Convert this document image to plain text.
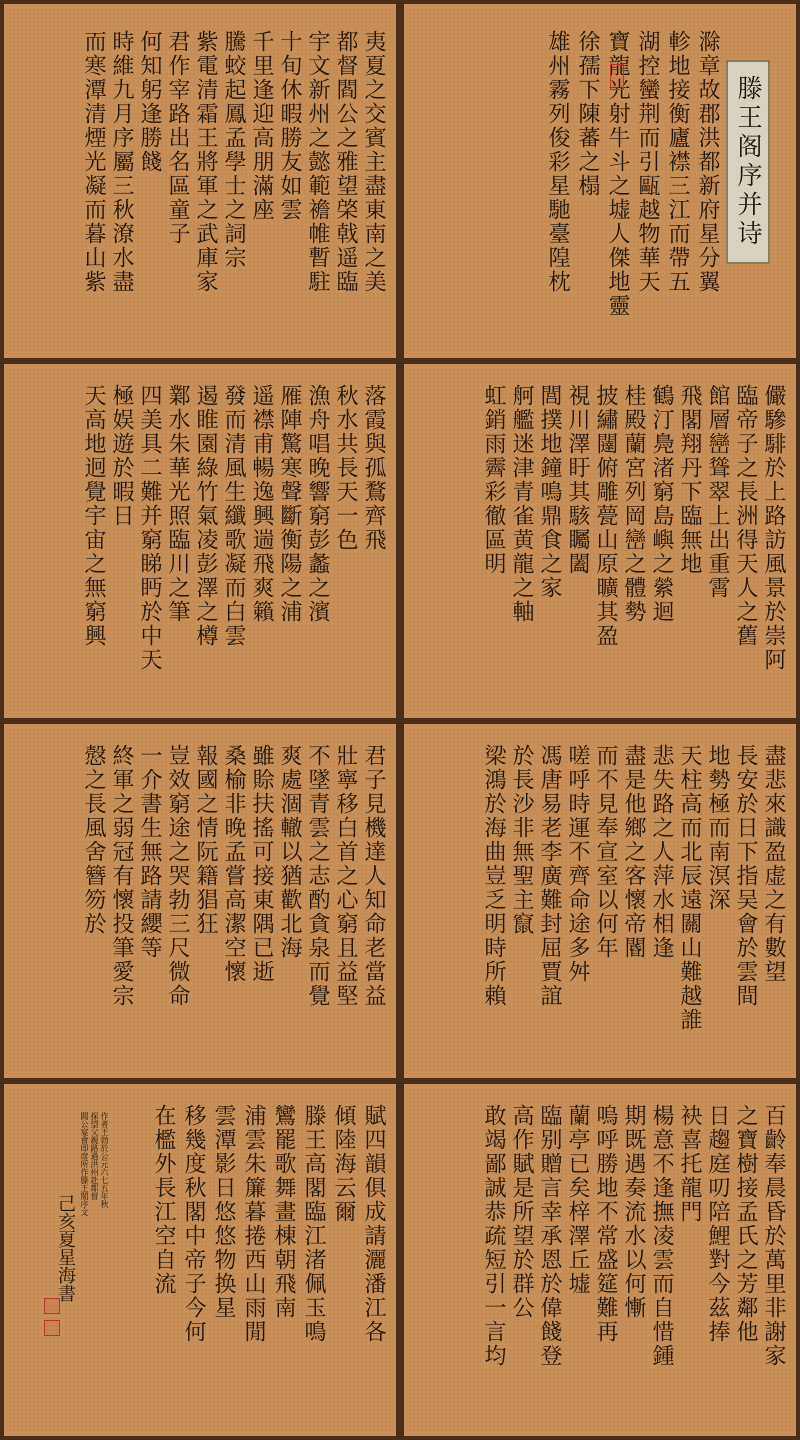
滁章故郡洪都新府星分翼
軫地接衡廬襟三江而帶五
湖控蠻荆而引甌越物華天
寶龍光射牛斗之墟人傑地靈
徐孺下陳蕃之榻
雄州霧列俊彩星馳臺隍枕	滕王阁序并诗
夷夏之交賓主盡東南之美
都督閻公之雅望棨戟遥臨
宇文新州之懿範襜帷暫駐
十旬休暇勝友如雲
千里逢迎高朋滿座
騰蛟起鳳孟學士之詞宗
紫電清霜王將軍之武庫家
君作宰路出名區童子
何知躬逢勝餞
時維九月序屬三秋潦水盡
而寒潭清煙光凝而暮山紫
儼驂騑於上路訪風景於崇阿
臨帝子之長洲得天人之舊
館層巒聳翠上出重霄
飛閣翔丹下臨無地
鶴汀鳧渚窮島嶼之縈迴
桂殿蘭宮列岡巒之體勢
披繡闥俯雕甍山原曠其盈
視川澤盱其駭矚闔
閭撲地鐘鳴鼎食之家
舸艦迷津青雀黄龍之軸
虹銷雨霽彩徹區明
落霞與孤鶩齊飛
秋水共長天一色
漁舟唱晚響窮彭蠡之濱
雁陣驚寒聲斷衡陽之浦
遥襟甫暢逸興遄飛爽籟
發而清風生纖歌凝而白雲
遏睢園綠竹氣凌彭澤之樽
鄴水朱華光照臨川之筆
四美具二難并窮睇眄於中天
極娱遊於暇日
天高地迥覺宇宙之無窮興
盡悲來識盈虚之有數望
長安於日下指吴會於雲間
地勢極而南溟深
天柱高而北辰遠關山難越誰
悲失路之人萍水相逢
盡是他鄉之客懷帝閽
而不見奉宣室以何年
嗟呼時運不齊命途多舛
馮唐易老李廣難封屈賈誼
於長沙非無聖主竄
梁鴻於海曲豈乏明時所賴
君子見機達人知命老當益
壯寧移白首之心窮且益堅
不墜青雲之志酌貪泉而覺
爽處涸轍以猶歡北海
雖賒扶搖可接東隅已逝
桑榆非晚孟嘗高潔空懷
報國之情阮籍猖狂
豈效窮途之哭勃三尺微命
一介書生無路請纓等
終軍之弱冠有懷投筆愛宗
慤之長風舍簪笏於
百齡奉晨昏於萬里非謝家
之寶樹接孟氏之芳鄰他
日趨庭叨陪鯉對今茲捧
袂喜托龍門
楊意不逢撫凌雲而自惜鍾
期既遇奏流水以何慚
嗚呼勝地不常盛筵難再
蘭亭已矣梓澤丘墟
臨别贈言幸承恩於偉餞登
高作賦是所望於群公
敢竭鄙誠恭疏短引一言均
賦四韻俱成請灑潘江各
傾陸海云爾
滕王高閣臨江渚佩玉鳴
鸞罷歌舞畫棟朝飛南
浦雲朱簾暮捲西山雨閒
雲潭影日悠悠物换星
移幾度秋閣中帝子今何
在檻外長江空自流
作者王勃於公元六七五年秋
探望父親路過洪州赴都督
閻公宴會即席所作滕王閣序文
己亥夏星海書
